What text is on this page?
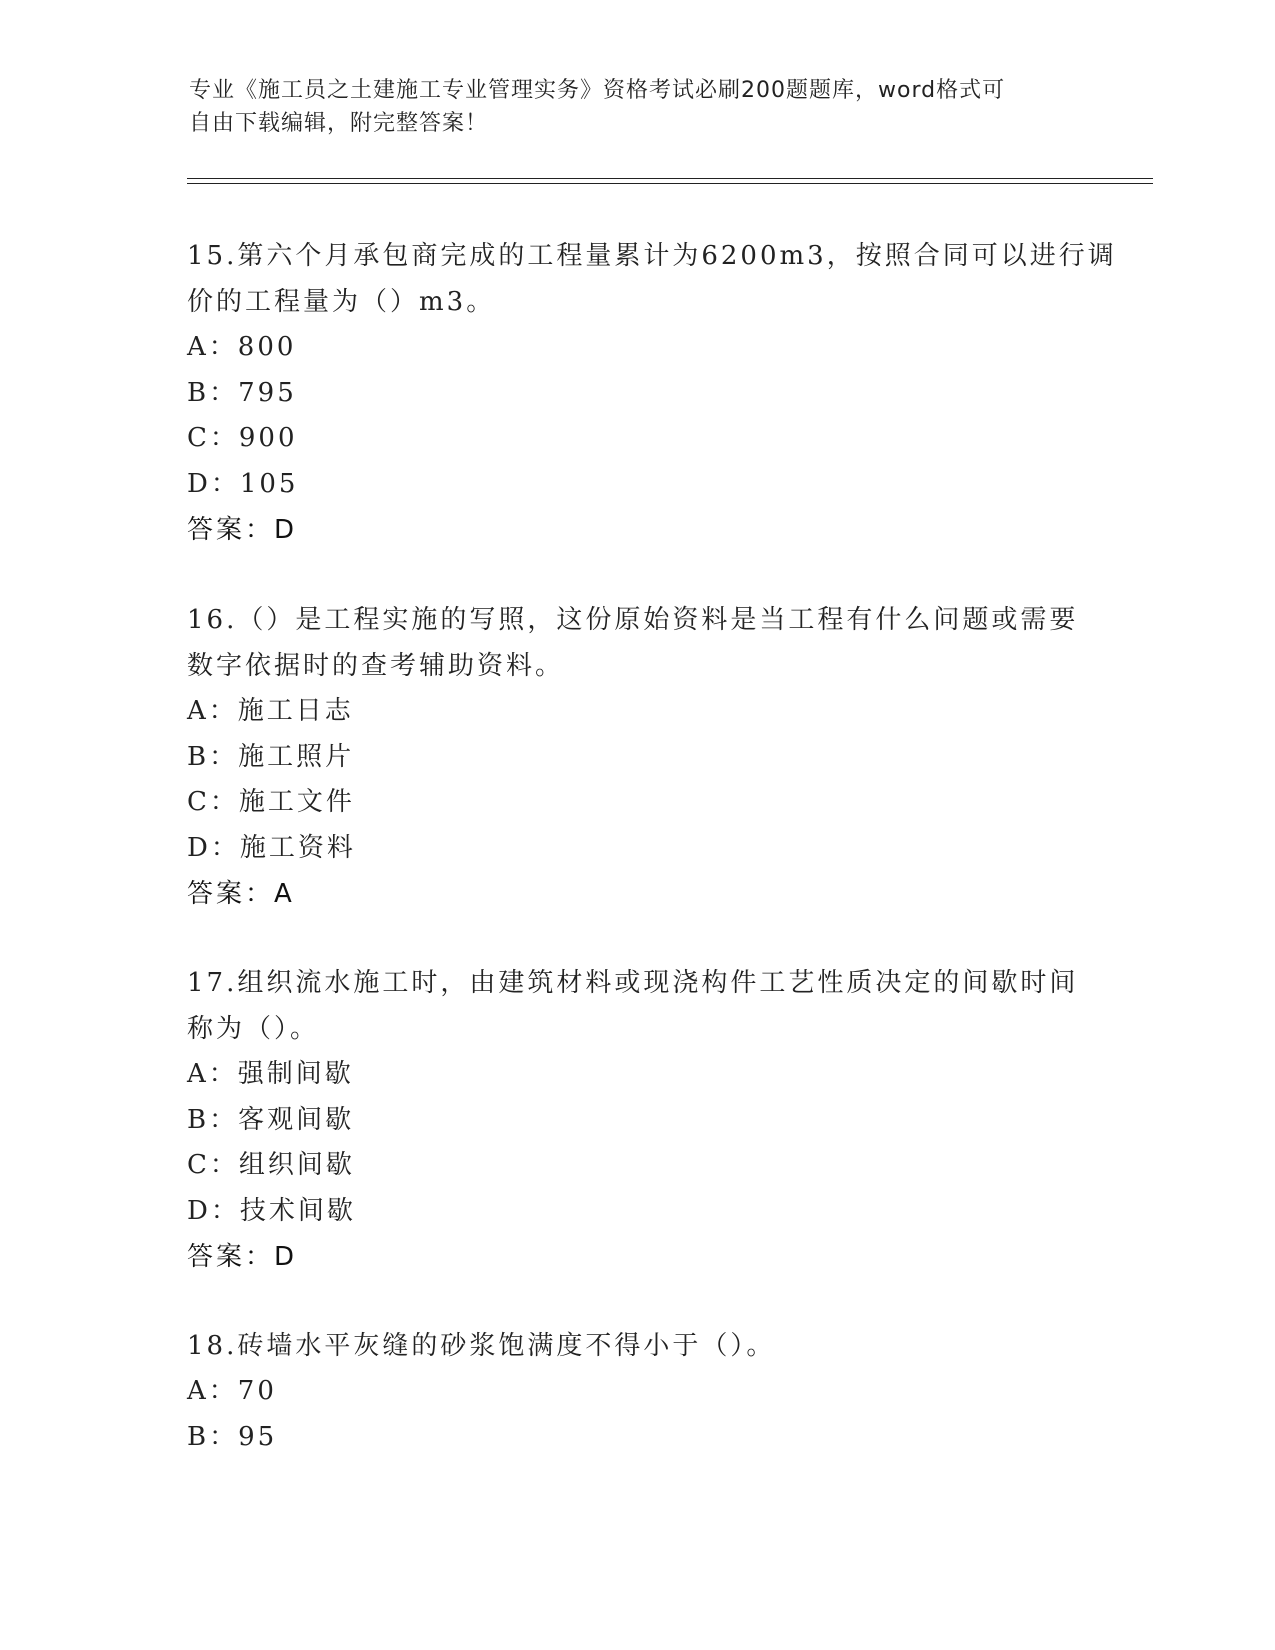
专业《施工员之土建施工专业管理实务》资格考试必刷200题题库，word格式可
自由下载编辑，附完整答案！
15.第六个月承包商完成的工程量累计为6200m3，按照合同可以进行调
价的工程量为（）m3。
A：800
B：795
C：900
D：105
答案：D
16.（）是工程实施的写照，这份原始资料是当工程有什么问题或需要
数字依据时的查考辅助资料。
A：施工日志
B：施工照片
C：施工文件
D：施工资料
答案：A
17.组织流水施工时，由建筑材料或现浇构件工艺性质决定的间歇时间
称为（）。
A：强制间歇
B：客观间歇
C：组织间歇
D：技术间歇
答案：D
18.砖墙水平灰缝的砂浆饱满度不得小于（）。
A：70
B：95
